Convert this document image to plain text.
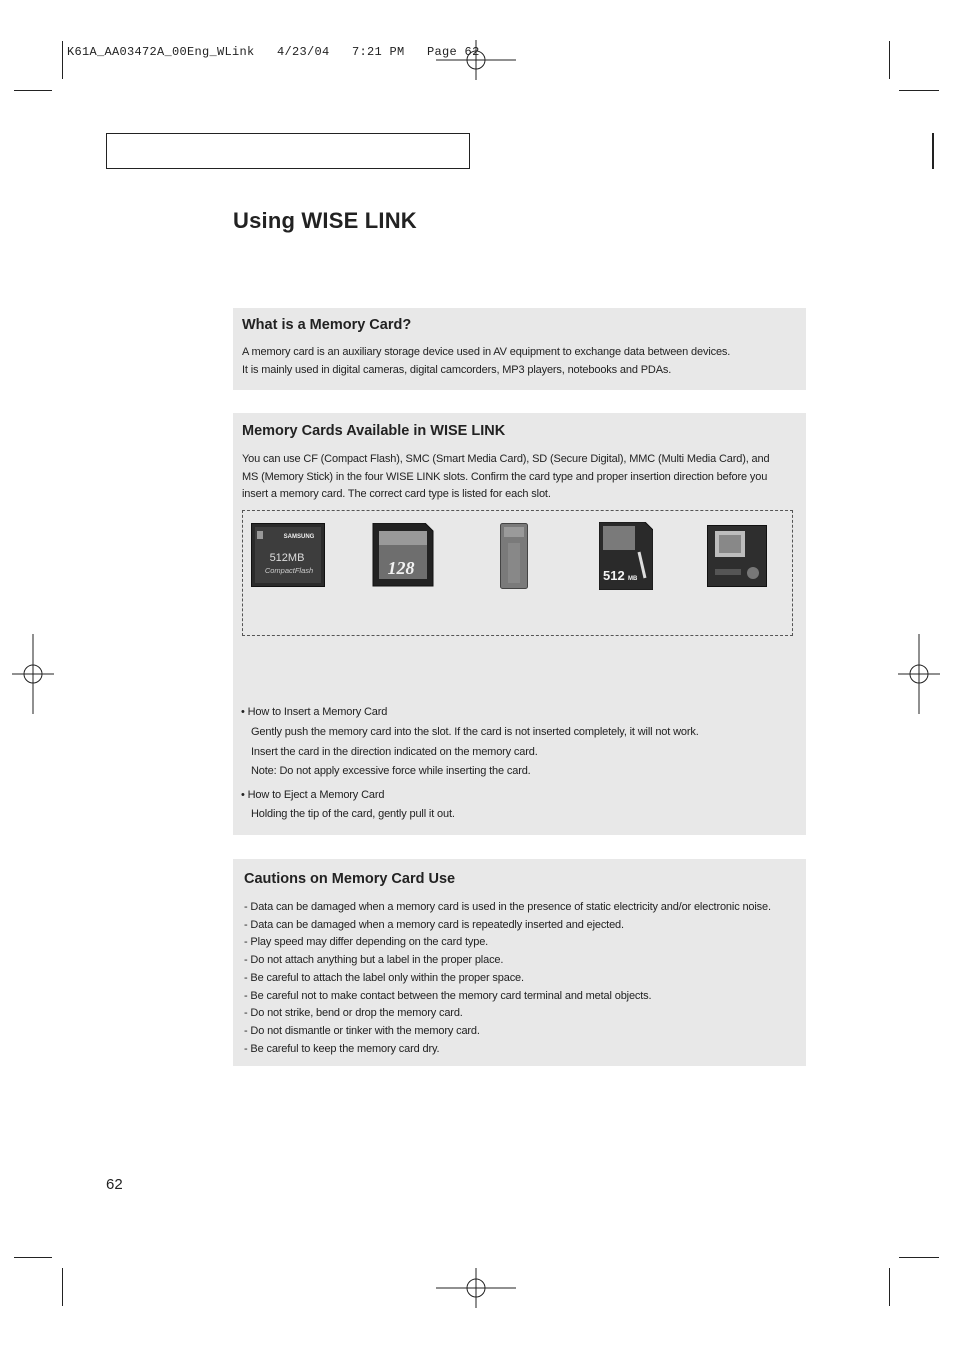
K61A_AA03472A_00Eng_WLink   4/23/04   7:21 PM   Page 62
Using WISE LINK
What is a Memory Card?

A memory card is an auxiliary storage device used in AV equipment to exchange data between devices.

It is mainly used in digital cameras, digital camcorders, MP3 players, notebooks and PDAs.

Memory Cards Available in WISE LINK

You can use CF (Compact Flash), SMC (Smart Media Card), SD (Secure Digital), MMC (Multi Media Card), and

MS (Memory Stick) in the four WISE LINK slots. Confirm the card type and proper insertion direction before you

insert a memory card. The correct card type is listed for each slot.

SAMSUNG
512MB
CompactFlash	128	512 MB

• How to Insert a Memory Card

Gently push the memory card into the slot. If the card is not inserted completely, it will not work.

Insert the card in the direction indicated on the memory card.

Note: Do not apply excessive force while inserting the card.

• How to Eject a Memory Card

Holding the tip of the card, gently pull it out.

Cautions on Memory Card Use

- Data can be damaged when a memory card is used in the presence of static electricity and/or electronic noise.

- Data can be damaged when a memory card is repeatedly inserted and ejected.

- Play speed may differ depending on the card type.

- Do not attach anything but a label in the proper place.

- Be careful to attach the label only within the proper space.

- Be careful not to make contact between the memory card terminal and metal objects.

- Do not strike, bend or drop the memory card.

- Do not dismantle or tinker with the memory card.

- Be careful to keep the memory card dry.

62
